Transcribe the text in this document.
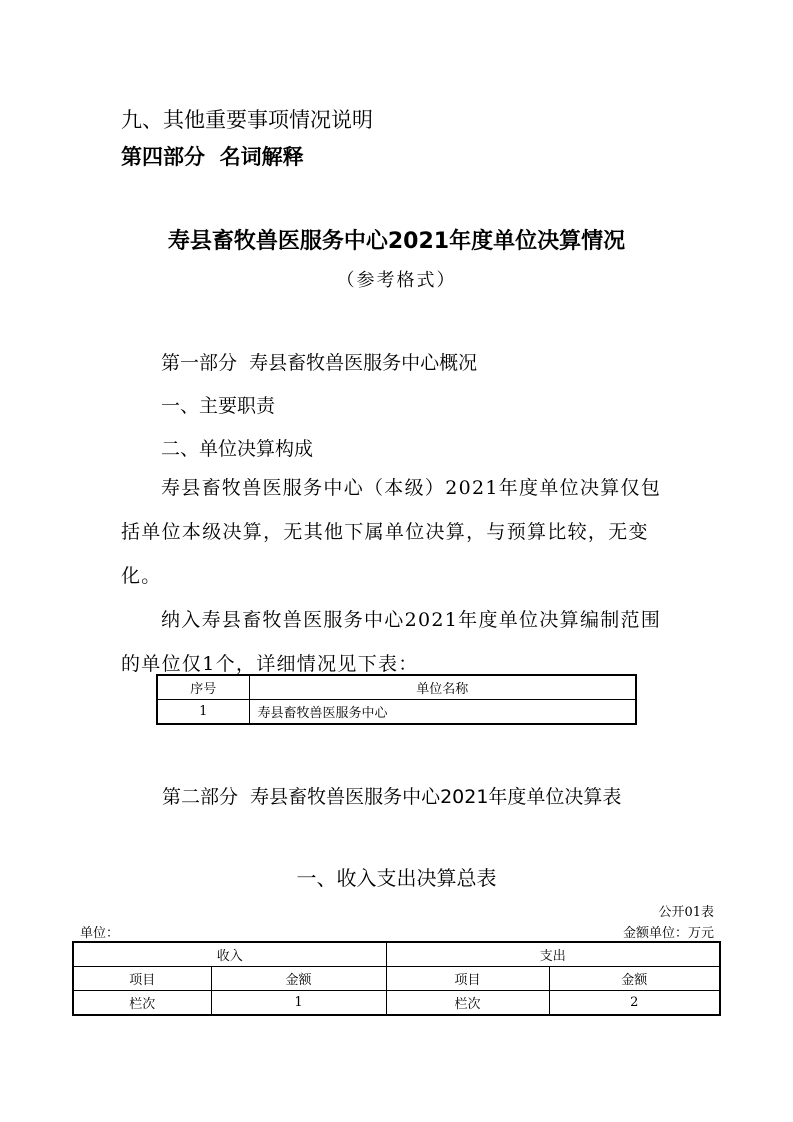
九、其他重要事项情况说明
第四部分  名词解释
寿县畜牧兽医服务中心2021年度单位决算情况
（参考格式）
第一部分  寿县畜牧兽医服务中心概况
一、主要职责
二、单位决算构成
寿县畜牧兽医服务中心（本级）2021年度单位决算仅包括单位本级决算，无其他下属单位决算，与预算比较，无变化。
纳入寿县畜牧兽医服务中心2021年度单位决算编制范围的单位仅1个，详细情况见下表：
序号	单位名称
1	寿县畜牧兽医服务中心
第二部分  寿县畜牧兽医服务中心2021年度单位决算表
一、收入支出决算总表
公开01表
单位：	金额单位：万元
收入		支出	
项目	金额	项目	金额
栏次	1	栏次	2
